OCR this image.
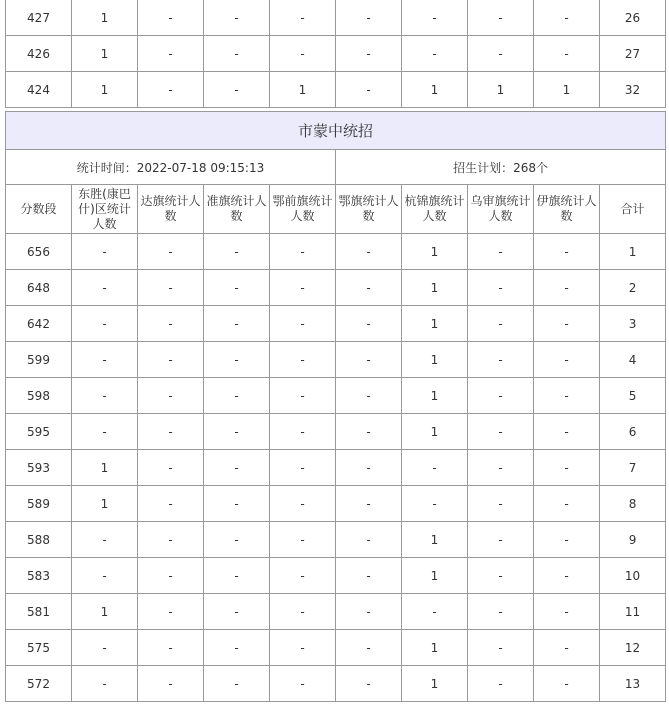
427	1	-	-	-	-	-	-	-	26
426	1	-	-	-	-	-	-	-	27
424	1	-	-	1	-	1	1	1	32
市蒙中统招									
统计时间：2022-07-18 09:15:13					招生计划：268个				
分数段	东胜(康巴什)区统计人数	达旗统计人数	准旗统计人数	鄂前旗统计人数	鄂旗统计人数	杭锦旗统计人数	乌审旗统计人数	伊旗统计人数	合计
656	-	-	-	-	-	1	-	-	1
648	-	-	-	-	-	1	-	-	2
642	-	-	-	-	-	1	-	-	3
599	-	-	-	-	-	1	-	-	4
598	-	-	-	-	-	1	-	-	5
595	-	-	-	-	-	1	-	-	6
593	1	-	-	-	-	-	-	-	7
589	1	-	-	-	-	-	-	-	8
588	-	-	-	-	-	1	-	-	9
583	-	-	-	-	-	1	-	-	10
581	1	-	-	-	-	-	-	-	11
575	-	-	-	-	-	1	-	-	12
572	-	-	-	-	-	1	-	-	13
